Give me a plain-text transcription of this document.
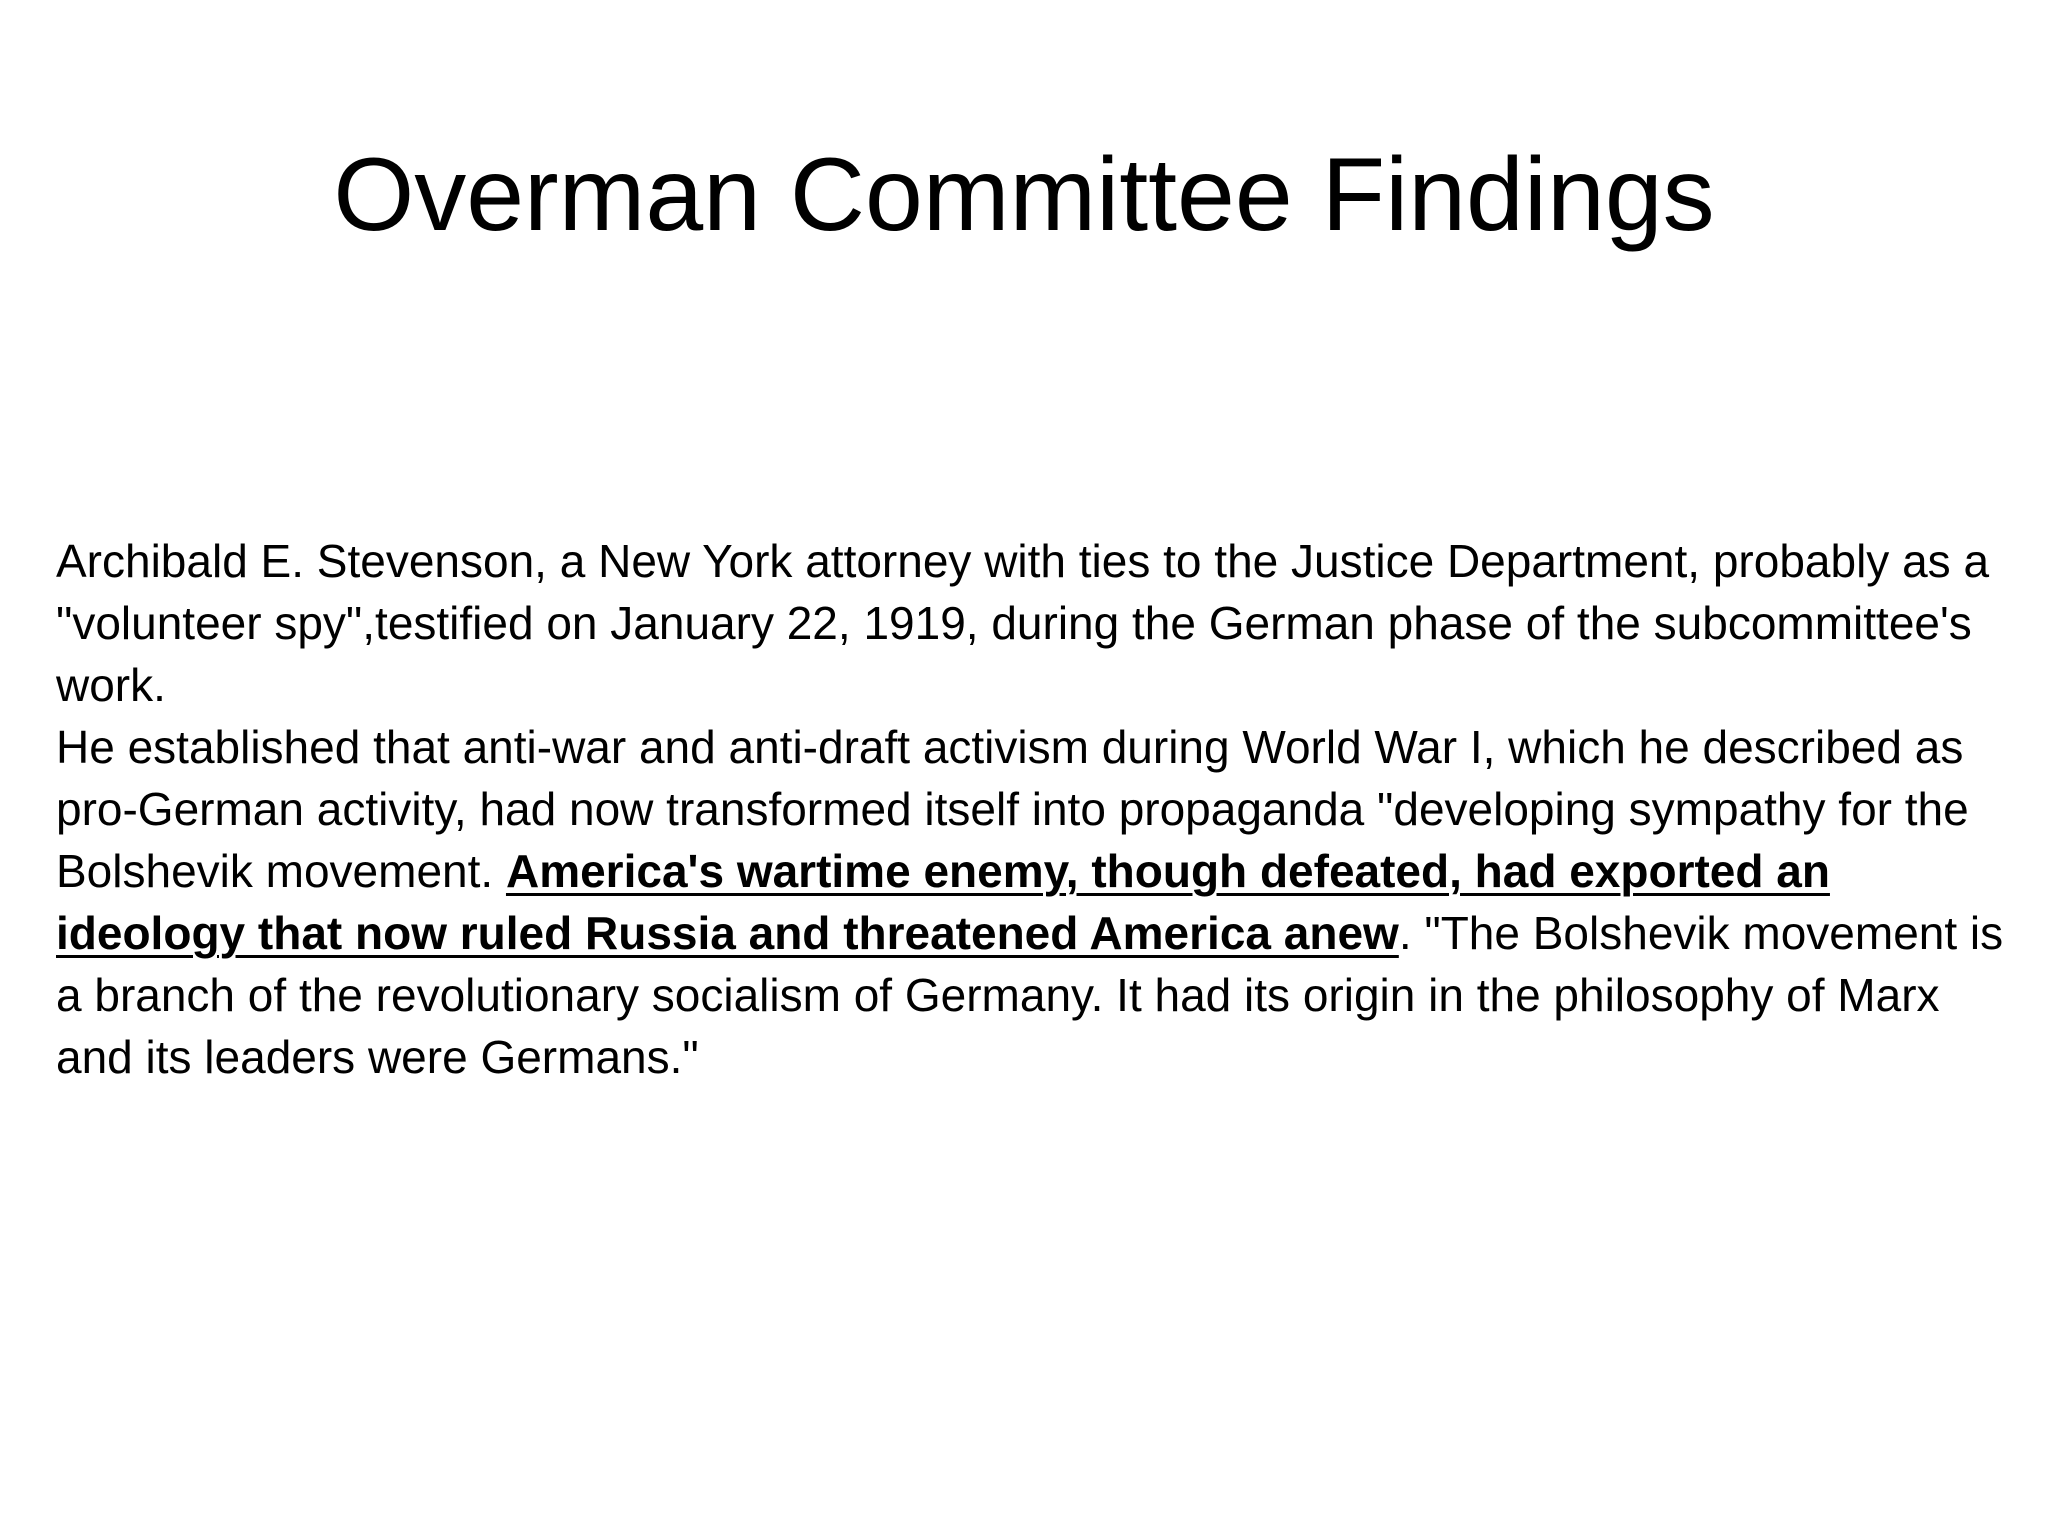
Overman Committee Findings

Archibald E. Stevenson, a New York attorney with ties to the Justice Department, probably as a "volunteer spy",testified on January 22, 1919, during the German phase of the subcommittee's work.

He established that anti-war and anti-draft activism during World War I, which he described as pro-German activity, had now transformed itself into propaganda "developing sympathy for the Bolshevik movement. America's wartime enemy, though defeated, had exported an ideology that now ruled Russia and threatened America anew. "The Bolshevik movement is a branch of the revolutionary socialism of Germany. It had its origin in the philosophy of Marx and its leaders were Germans."
